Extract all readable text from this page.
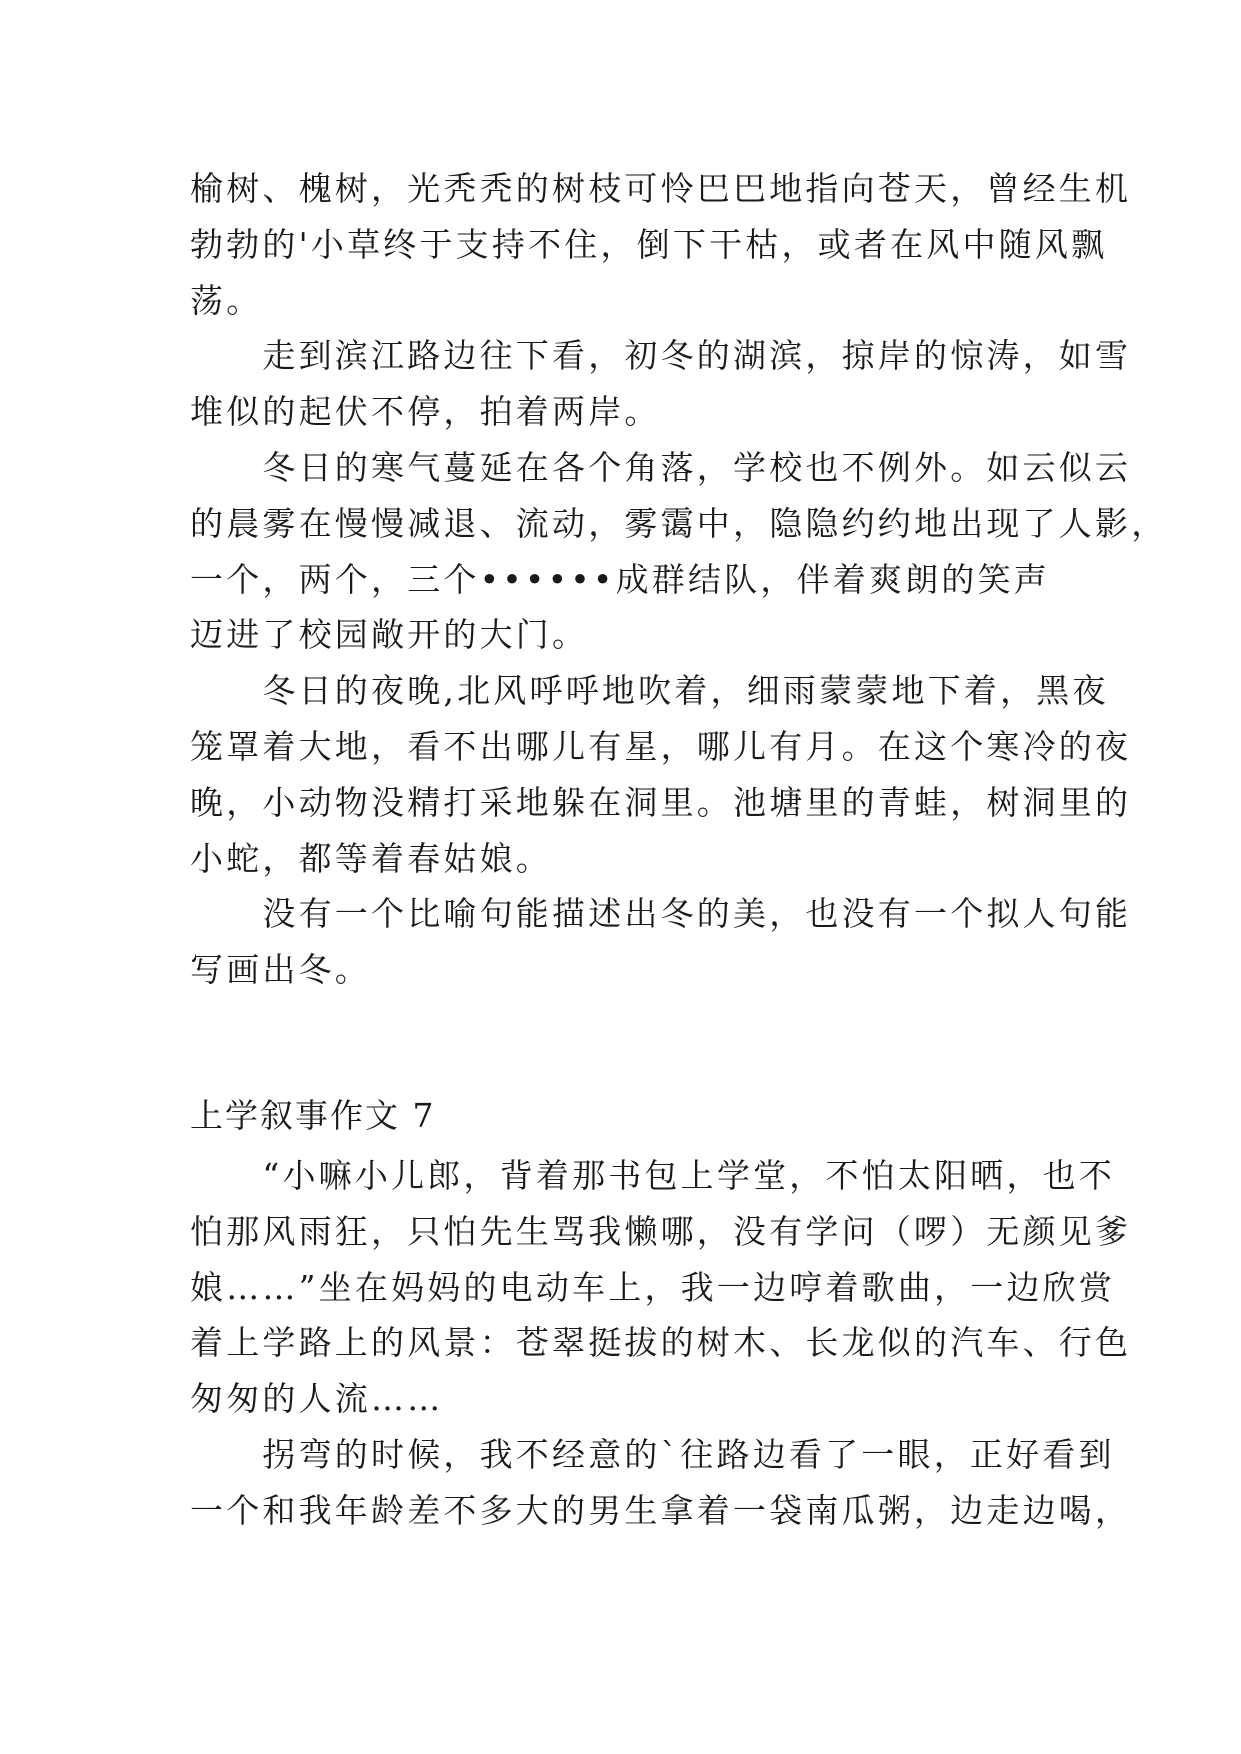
榆树、槐树，光秃秃的树枝可怜巴巴地指向苍天，曾经生机
勃勃的'小草终于支持不住，倒下干枯，或者在风中随风飘
荡。

　　走到滨江路边往下看，初冬的湖滨，掠岸的惊涛，如雪
堆似的起伏不停，拍着两岸。

　　冬日的寒气蔓延在各个角落，学校也不例外。如云似云
的晨雾在慢慢减退、流动，雾霭中，隐隐约约地出现了人影，
一个，两个，三个••••••成群结队，伴着爽朗的笑声
迈进了校园敞开的大门。

　　冬日的夜晚,北风呼呼地吹着，细雨蒙蒙地下着，黑夜
笼罩着大地，看不出哪儿有星，哪儿有月。在这个寒冷的夜
晚，小动物没精打采地躲在洞里。池塘里的青蛙，树洞里的
小蛇，都等着春姑娘。

　　没有一个比喻句能描述出冬的美，也没有一个拟人句能
写画出冬。

上学叙事作文 7

　　“小嘛小儿郎，背着那书包上学堂，不怕太阳晒，也不
怕那风雨狂，只怕先生骂我懒哪，没有学问（啰）无颜见爹
娘……”坐在妈妈的电动车上，我一边哼着歌曲，一边欣赏
着上学路上的风景：苍翠挺拔的树木、长龙似的汽车、行色
匆匆的人流……

　　拐弯的时候，我不经意的`往路边看了一眼，正好看到
一个和我年龄差不多大的男生拿着一袋南瓜粥，边走边喝，
